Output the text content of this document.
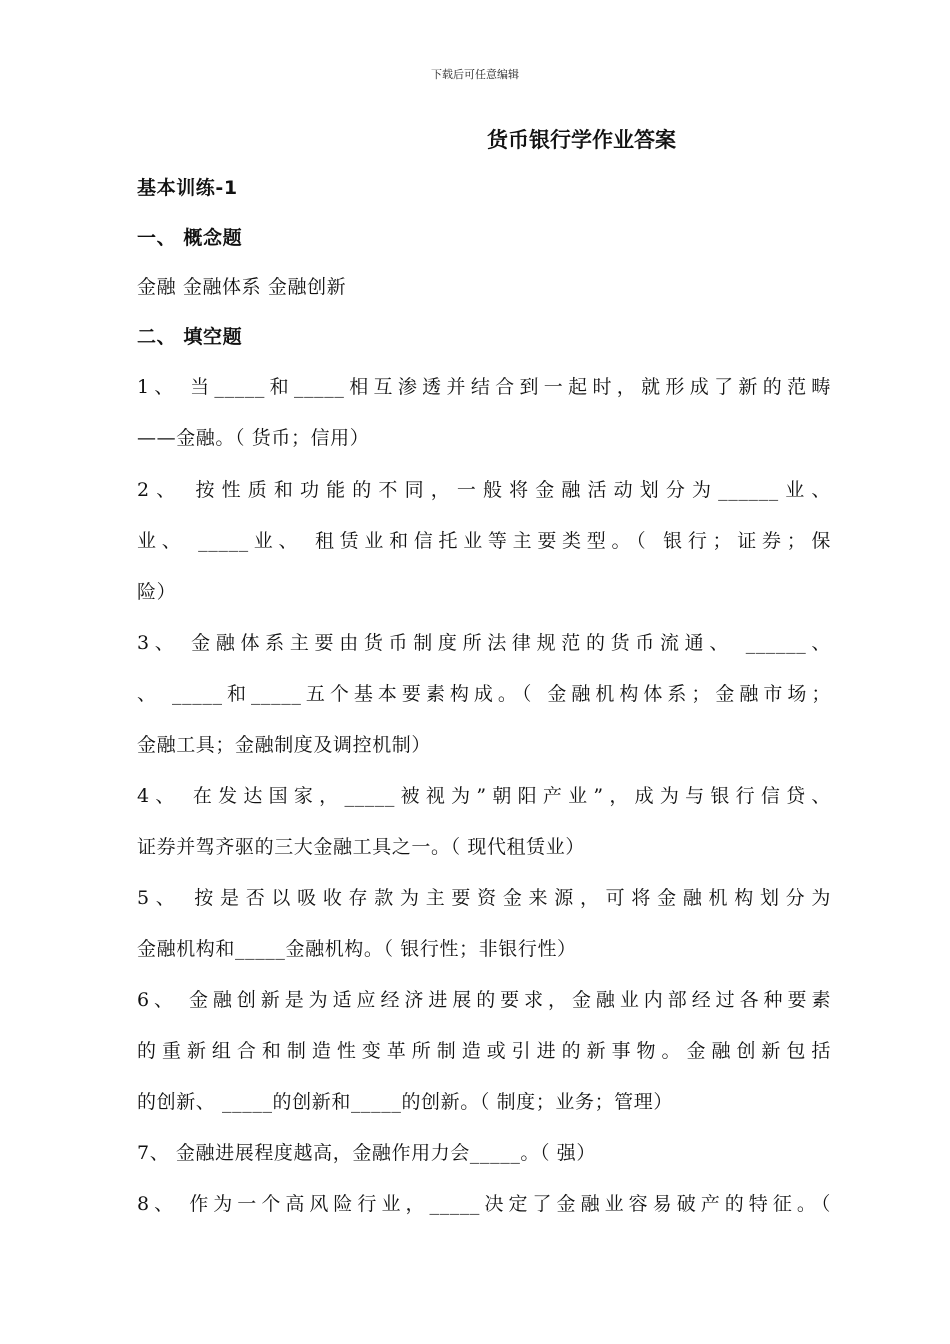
下载后可任意编辑
货币银行学作业答案
基本训练-1
一、 概念题
金融 金融体系 金融创新
二、 填空题
1、 当_____和_____相互渗透并结合到一起时，就形成了新的范畴
——金融。（ 货币；信用）
2、 按性质和功能的不同，一般将金融活动划分为______业、
业、 _____业、 租赁业和信托业等主要类型。（ 银行；证券；保
险）
3、 金融体系主要由货币制度所法律规范的货币流通、 ______、
、 _____和_____五个基本要素构成。（ 金融机构体系；金融市场；
金融工具；金融制度及调控机制）
4、 在发达国家，_____被视为”朝阳产业”，成为与银行信贷、
证券并驾齐驱的三大金融工具之一。（ 现代租赁业）
5、 按是否以吸收存款为主要资金来源，可将金融机构划分为
金融机构和_____金融机构。（ 银行性；非银行性）
6、 金融创新是为适应经济进展的要求，金融业内部经过各种要素
的重新组合和制造性变革所制造或引进的新事物。金融创新包括
的创新、 _____的创新和_____的创新。（ 制度；业务；管理）
7、 金融进展程度越高，金融作用力会_____。（ 强）
8、 作为一个高风险行业，_____决定了金融业容易破产的特征。（
